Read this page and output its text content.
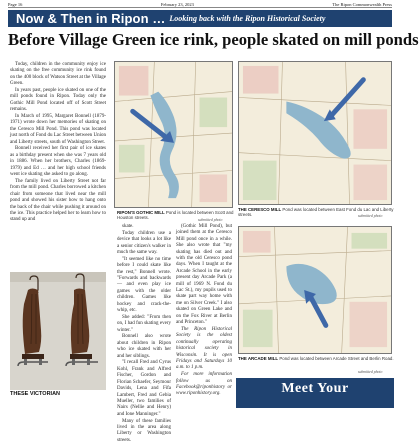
Page 16	February 23, 2023	The Ripon Commonwealth Press
Now & Then in Ripon … Looking back with the Ripon Historical Society
Before Village Green ice rink, people skated on mill ponds

Today, children in the community enjoy ice skating on the free community ice rink found on the 400 block of Watson Street at the Village Green.

In years past, people ice skated on one of the mill ponds found in Ripon. Today only the Gothic Mill Pond located off of Scott Street remains.

In March of 1995, Margaret Bonnell (1879-1971) wrote down her memories of skating on the Ceresco Mill Pond. This pond was located just north of Fond du Lac Street between Union and Liberty streets, south of Washington Street.

Bonnell received her first pair of ice skates as a birthday present when she was 7 years old in 1886. When her brothers, Charles (1869-1979) and Ed … and her high school friends went ice skating she asked to go along.

The family lived on Liberty Street not far from the mill pond. Charles borrowed a kitchen chair from someone that lived near the mill pond and showed his sister how to hang onto the back of the chair while pushing it around on the ice. This practice helped her to learn how to stand up and

THESE VICTORIAN
RIPON'S GOTHIC MILL Pond is located between Scott and Houston streets.	submitted photo
THE CERESCO MILL Pond was located between East Fond du Lac and Liberty streets.	submitted photo

skate.

Today children use a device that looks a lot like a senior citizen's walker in much the same way.

"It seemed like no time before I could skate like the rest," Bonnell wrote. "Forwards and backwards — and even play ice games with the older children. Games like hockey and crack-the-whip, etc.

She added: "From then on, I had fun skating every winter."

Bonnell also wrote about children in Ripon who ice skated with her and her siblings.

"I recall Fred and Cyrus Kohl, Frank and Alfred Fischer, Gordon and Florian Schaefer, Seymour Davids, Lena and Fifa Lambert, Fred and Gebia Mueller, two families of Nairs (Nellie and Henry) and Ione Manninger."

Many of these families lived in the area along Liberty or Washington streets.

(Gothic Mill Pond), but joined them at the Ceresco Mill pond once in a while. She also wrote that "my skating has died out and with the old Ceresco pond days. When I taught at the Arcade School in the early present day Arcade Park (a mill of 1969 N. Fond du Lac St.), my pupils used to skate part way home with me on Silver Creek." I also skated on Green Lake and on the Fox River at Berlin and Princeton."

The Ripon Historical Society is the oldest continually operating historical society in Wisconsin. It is open Fridays and Saturdays 10 a.m. to 1 p.m.

For more information follow us on Facebook@riponhistory or www.riponhistory.org.

THE ARCADE MILL Pond was located between Arcade Street and Berlin Road.
submitted photo
Meet Your
